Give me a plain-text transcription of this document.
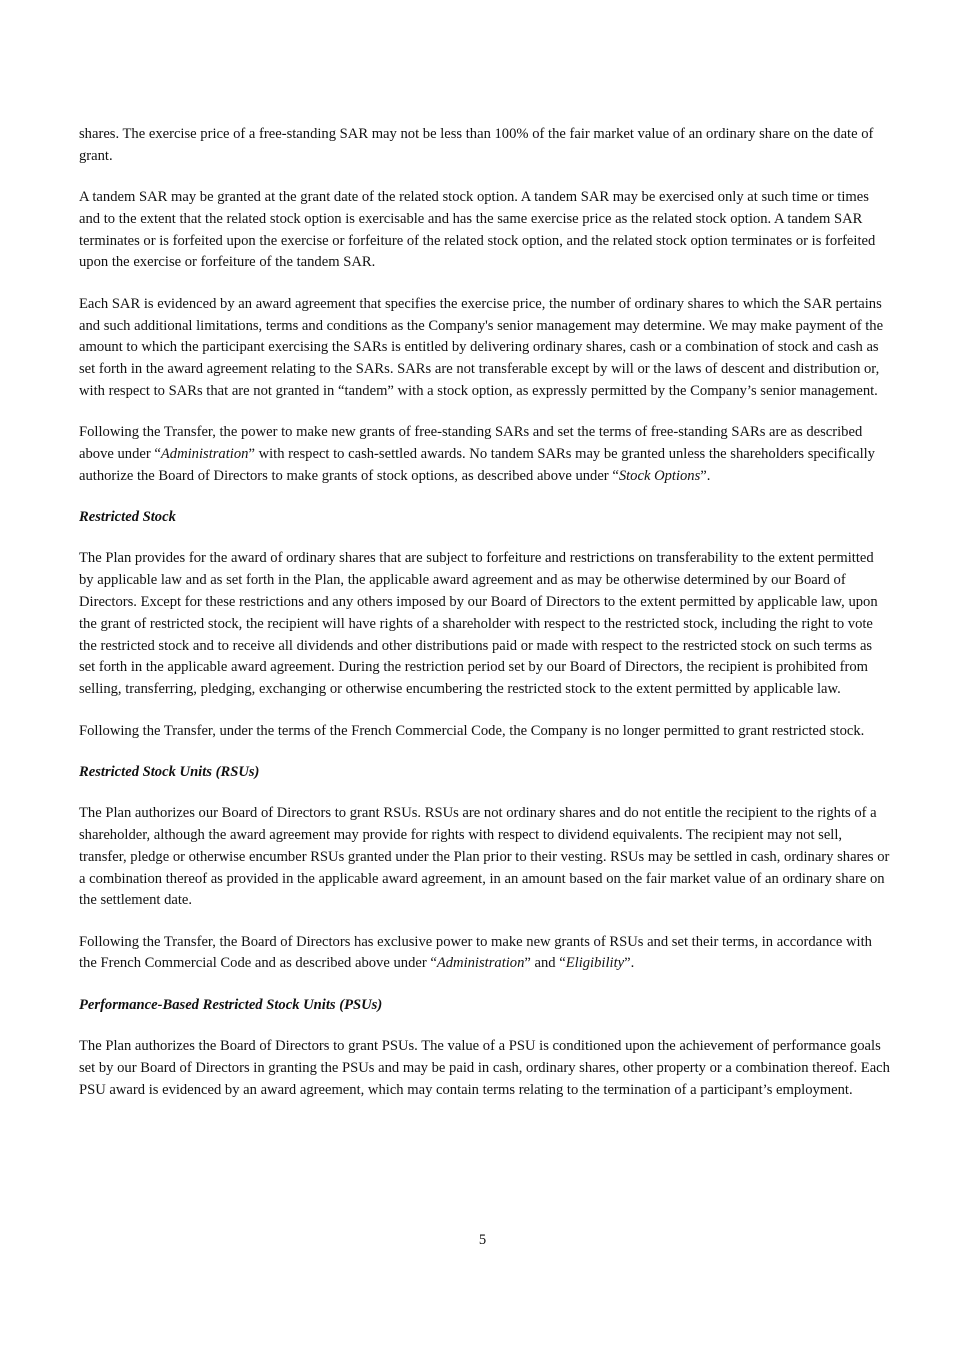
shares. The exercise price of a free-standing SAR may not be less than 100% of the fair market value of an ordinary share on the date of grant.

A tandem SAR may be granted at the grant date of the related stock option. A tandem SAR may be exercised only at such time or times and to the extent that the related stock option is exercisable and has the same exercise price as the related stock option. A tandem SAR terminates or is forfeited upon the exercise or forfeiture of the related stock option, and the related stock option terminates or is forfeited upon the exercise or forfeiture of the tandem SAR.

Each SAR is evidenced by an award agreement that specifies the exercise price, the number of ordinary shares to which the SAR pertains and such additional limitations, terms and conditions as the Company's senior management may determine. We may make payment of the amount to which the participant exercising the SARs is entitled by delivering ordinary shares, cash or a combination of stock and cash as set forth in the award agreement relating to the SARs. SARs are not transferable except by will or the laws of descent and distribution or, with respect to SARs that are not granted in “tandem” with a stock option, as expressly permitted by the Company’s senior management.

Following the Transfer, the power to make new grants of free-standing SARs and set the terms of free-standing SARs are as described above under “Administration” with respect to cash-settled awards. No tandem SARs may be granted unless the shareholders specifically authorize the Board of Directors to make grants of stock options, as described above under “Stock Options”.

Restricted Stock

The Plan provides for the award of ordinary shares that are subject to forfeiture and restrictions on transferability to the extent permitted by applicable law and as set forth in the Plan, the applicable award agreement and as may be otherwise determined by our Board of Directors. Except for these restrictions and any others imposed by our Board of Directors to the extent permitted by applicable law, upon the grant of restricted stock, the recipient will have rights of a shareholder with respect to the restricted stock, including the right to vote the restricted stock and to receive all dividends and other distributions paid or made with respect to the restricted stock on such terms as set forth in the applicable award agreement. During the restriction period set by our Board of Directors, the recipient is prohibited from selling, transferring, pledging, exchanging or otherwise encumbering the restricted stock to the extent permitted by applicable law.

Following the Transfer, under the terms of the French Commercial Code, the Company is no longer permitted to grant restricted stock.

Restricted Stock Units (RSUs)

The Plan authorizes our Board of Directors to grant RSUs. RSUs are not ordinary shares and do not entitle the recipient to the rights of a shareholder, although the award agreement may provide for rights with respect to dividend equivalents. The recipient may not sell, transfer, pledge or otherwise encumber RSUs granted under the Plan prior to their vesting. RSUs may be settled in cash, ordinary shares or a combination thereof as provided in the applicable award agreement, in an amount based on the fair market value of an ordinary share on the settlement date.

Following the Transfer, the Board of Directors has exclusive power to make new grants of RSUs and set their terms, in accordance with the French Commercial Code and as described above under “Administration” and “Eligibility”.

Performance-Based Restricted Stock Units (PSUs)

The Plan authorizes the Board of Directors to grant PSUs. The value of a PSU is conditioned upon the achievement of performance goals set by our Board of Directors in granting the PSUs and may be paid in cash, ordinary shares, other property or a combination thereof. Each PSU award is evidenced by an award agreement, which may contain terms relating to the termination of a participant’s employment.

5
